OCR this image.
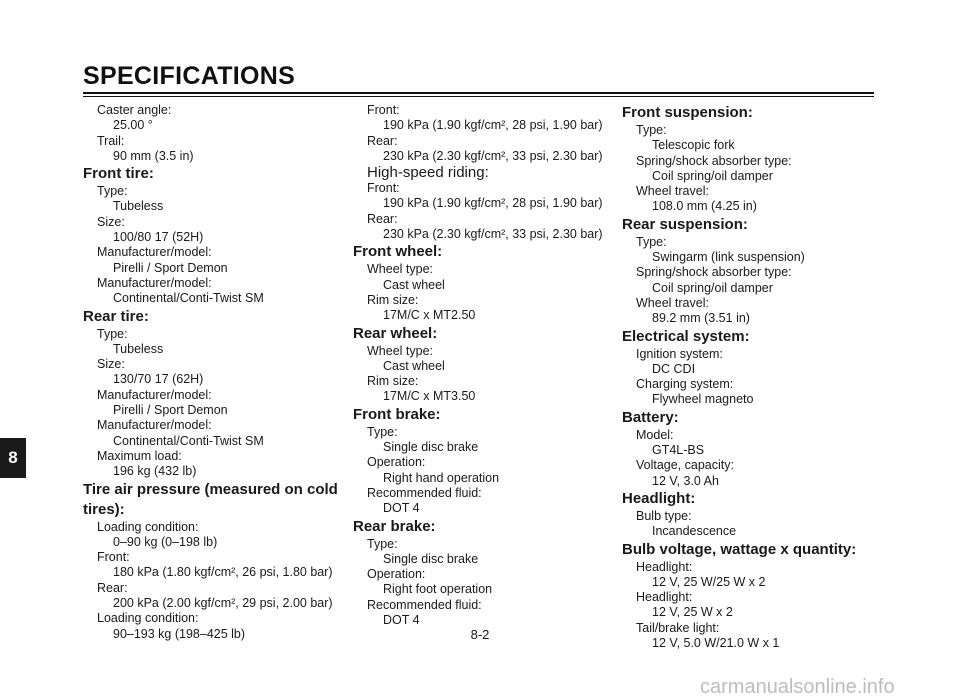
SPECIFICATIONS
8
Caster angle:
25.00 °
Trail:
90 mm (3.5 in)
Front tire:
Type:
Tubeless
Size:
100/80 17 (52H)
Manufacturer/model:
Pirelli / Sport Demon
Manufacturer/model:
Continental/Conti-Twist SM
Rear tire:
Type:
Tubeless
Size:
130/70 17 (62H)
Manufacturer/model:
Pirelli / Sport Demon
Manufacturer/model:
Continental/Conti-Twist SM
Maximum load:
196 kg (432 lb)
Tire air pressure (measured on cold
tires):
Loading condition:
0–90 kg (0–198 lb)
Front:
180 kPa (1.80 kgf/cm², 26 psi, 1.80 bar)
Rear:
200 kPa (2.00 kgf/cm², 29 psi, 2.00 bar)
Loading condition:
90–193 kg (198–425 lb)
Front:
190 kPa (1.90 kgf/cm², 28 psi, 1.90 bar)
Rear:
230 kPa (2.30 kgf/cm², 33 psi, 2.30 bar)
High-speed riding:
Front:
190 kPa (1.90 kgf/cm², 28 psi, 1.90 bar)
Rear:
230 kPa (2.30 kgf/cm², 33 psi, 2.30 bar)
Front wheel:
Wheel type:
Cast wheel
Rim size:
17M/C x MT2.50
Rear wheel:
Wheel type:
Cast wheel
Rim size:
17M/C x MT3.50
Front brake:
Type:
Single disc brake
Operation:
Right hand operation
Recommended fluid:
DOT 4
Rear brake:
Type:
Single disc brake
Operation:
Right foot operation
Recommended fluid:
DOT 4
Front suspension:
Type:
Telescopic fork
Spring/shock absorber type:
Coil spring/oil damper
Wheel travel:
108.0 mm (4.25 in)
Rear suspension:
Type:
Swingarm (link suspension)
Spring/shock absorber type:
Coil spring/oil damper
Wheel travel:
89.2 mm (3.51 in)
Electrical system:
Ignition system:
DC CDI
Charging system:
Flywheel magneto
Battery:
Model:
GT4L-BS
Voltage, capacity:
12 V, 3.0 Ah
Headlight:
Bulb type:
Incandescence
Bulb voltage, wattage x quantity:
Headlight:
12 V, 25 W/25 W x 2
Headlight:
12 V, 25 W x 2
Tail/brake light:
12 V, 5.0 W/21.0 W x 1
8-2
carmanualsonline.info
